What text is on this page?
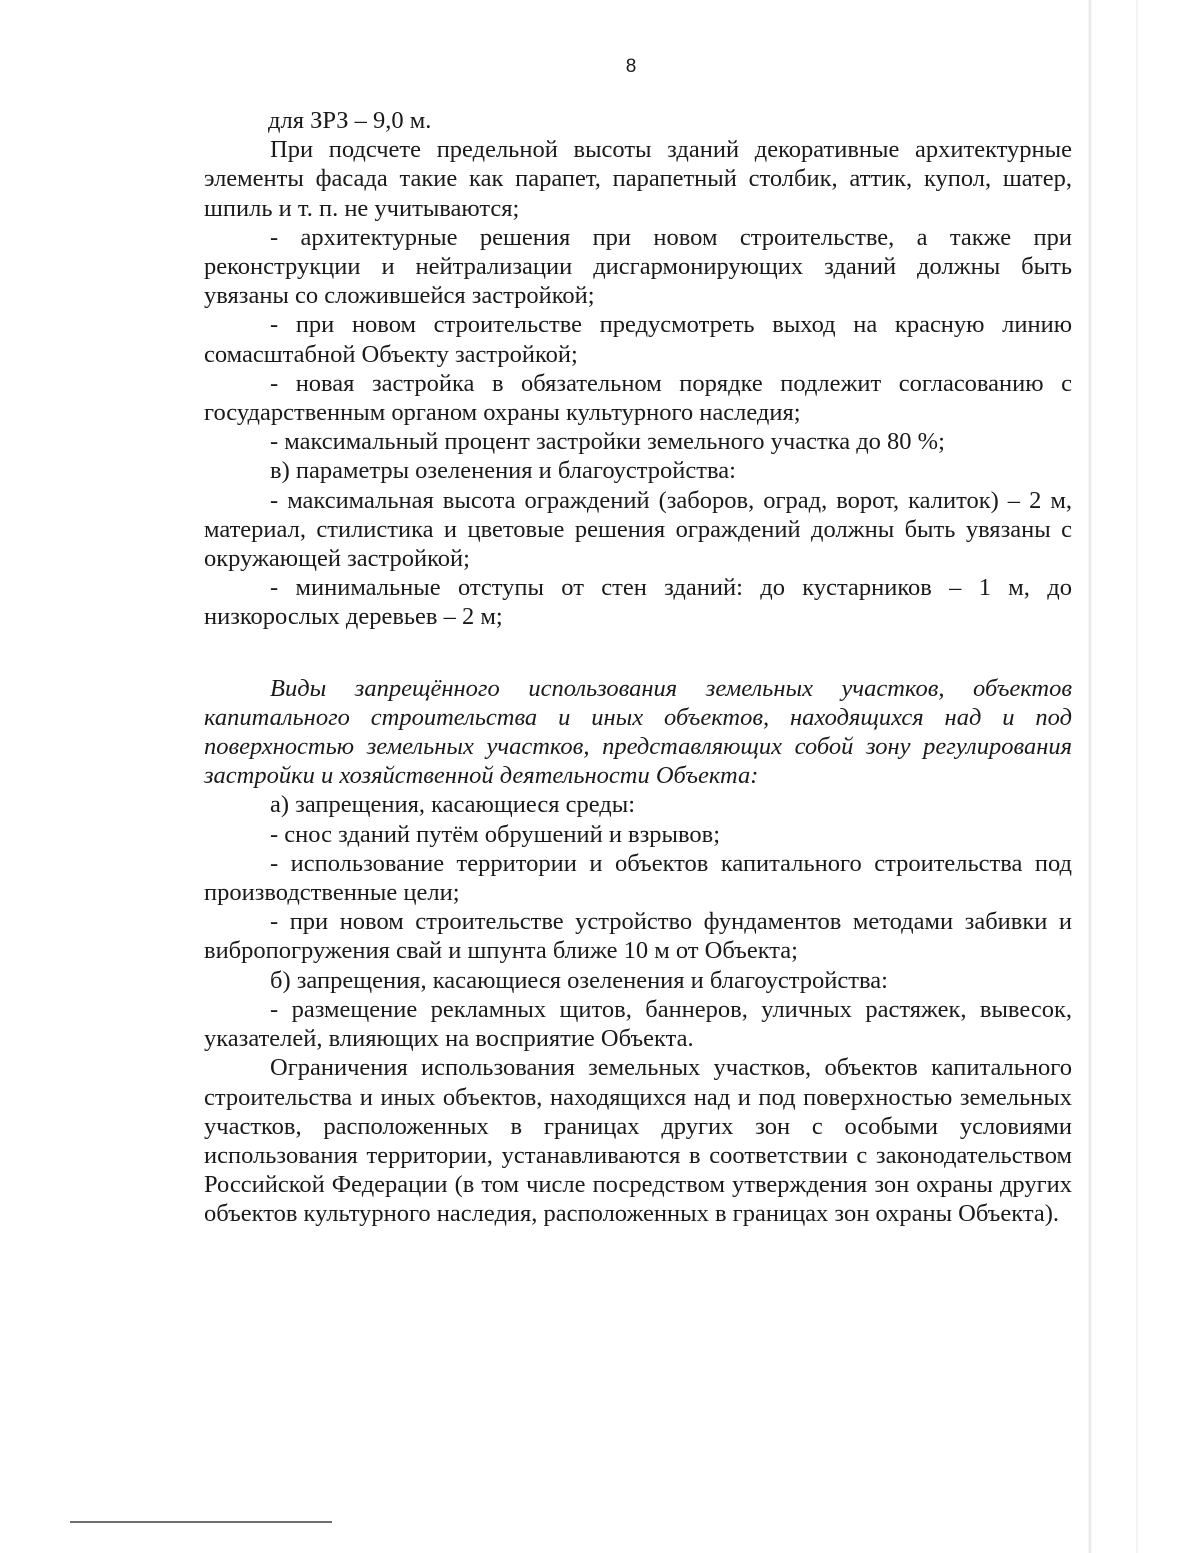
8

для ЗРЗ – 9,0 м.

При подсчете предельной высоты зданий декоративные архитектурные элементы фасада такие как парапет, парапетный столбик, аттик, купол, шатер, шпиль и т. п. не учитываются;

- архитектурные решения при новом строительстве, а также при реконструкции и нейтрализации дисгармонирующих зданий должны быть увязаны со сложившейся застройкой;

- при новом строительстве предусмотреть выход на красную линию сомасштабной Объекту застройкой;

- новая застройка в обязательном порядке подлежит согласованию с государственным органом охраны культурного наследия;

- максимальный процент застройки земельного участка до 80 %;

в) параметры озеленения и благоустройства:

- максимальная высота ограждений (заборов, оград, ворот, калиток) – 2 м, материал, стилистика и цветовые решения ограждений должны быть увязаны с окружающей застройкой;

- минимальные отступы от стен зданий: до кустарников – 1 м, до низкорослых деревьев – 2 м;

Виды запрещённого использования земельных участков, объектов капитального строительства и иных объектов, находящихся над и под поверхностью земельных участков, представляющих собой зону регулирования застройки и хозяйственной деятельности Объекта:

а) запрещения, касающиеся среды:

- снос зданий путём обрушений и взрывов;

- использование территории и объектов капитального строительства под производственные цели;

- при новом строительстве устройство фундаментов методами забивки и вибропогружения свай и шпунта ближе 10 м от Объекта;

б) запрещения, касающиеся озеленения и благоустройства:

- размещение рекламных щитов, баннеров, уличных растяжек, вывесок, указателей, влияющих на восприятие Объекта.

Ограничения использования земельных участков, объектов капитального строительства и иных объектов, находящихся над и под поверхностью земельных участков, расположенных в границах других зон с особыми условиями использования территории, устанавливаются в соответствии с законодательством Российской Федерации (в том числе посредством утверждения зон охраны других объектов культурного наследия, расположенных в границах зон охраны Объекта).
